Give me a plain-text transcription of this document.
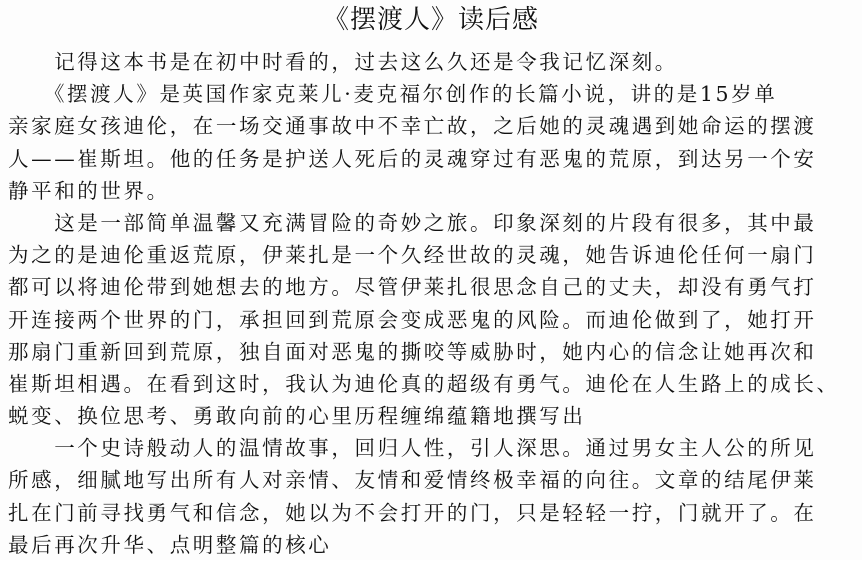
《摆渡人》读后感
　　记得这本书是在初中时看的，过去这么久还是令我记忆深刻。
　　《摆渡人》是英国作家克莱儿·麦克福尔创作的长篇小说，讲的是15岁单
亲家庭女孩迪伦，在一场交通事故中不幸亡故，之后她的灵魂遇到她命运的摆渡
人——崔斯坦。他的任务是护送人死后的灵魂穿过有恶鬼的荒原，到达另一个安
静平和的世界。
　　这是一部简单温馨又充满冒险的奇妙之旅。印象深刻的片段有很多，其中最
为之的是迪伦重返荒原，伊莱扎是一个久经世故的灵魂，她告诉迪伦任何一扇门
都可以将迪伦带到她想去的地方。尽管伊莱扎很思念自己的丈夫，却没有勇气打
开连接两个世界的门，承担回到荒原会变成恶鬼的风险。而迪伦做到了，她打开
那扇门重新回到荒原，独自面对恶鬼的撕咬等威胁时，她内心的信念让她再次和
崔斯坦相遇。在看到这时，我认为迪伦真的超级有勇气。迪伦在人生路上的成长、
蜕变、换位思考、勇敢向前的心里历程缠绵蕴籍地撰写出
　　一个史诗般动人的温情故事，回归人性，引人深思。通过男女主人公的所见
所感，细腻地写出所有人对亲情、友情和爱情终极幸福的向往。文章的结尾伊莱
扎在门前寻找勇气和信念，她以为不会打开的门，只是轻轻一拧，门就开了。在
最后再次升华、点明整篇的核心
